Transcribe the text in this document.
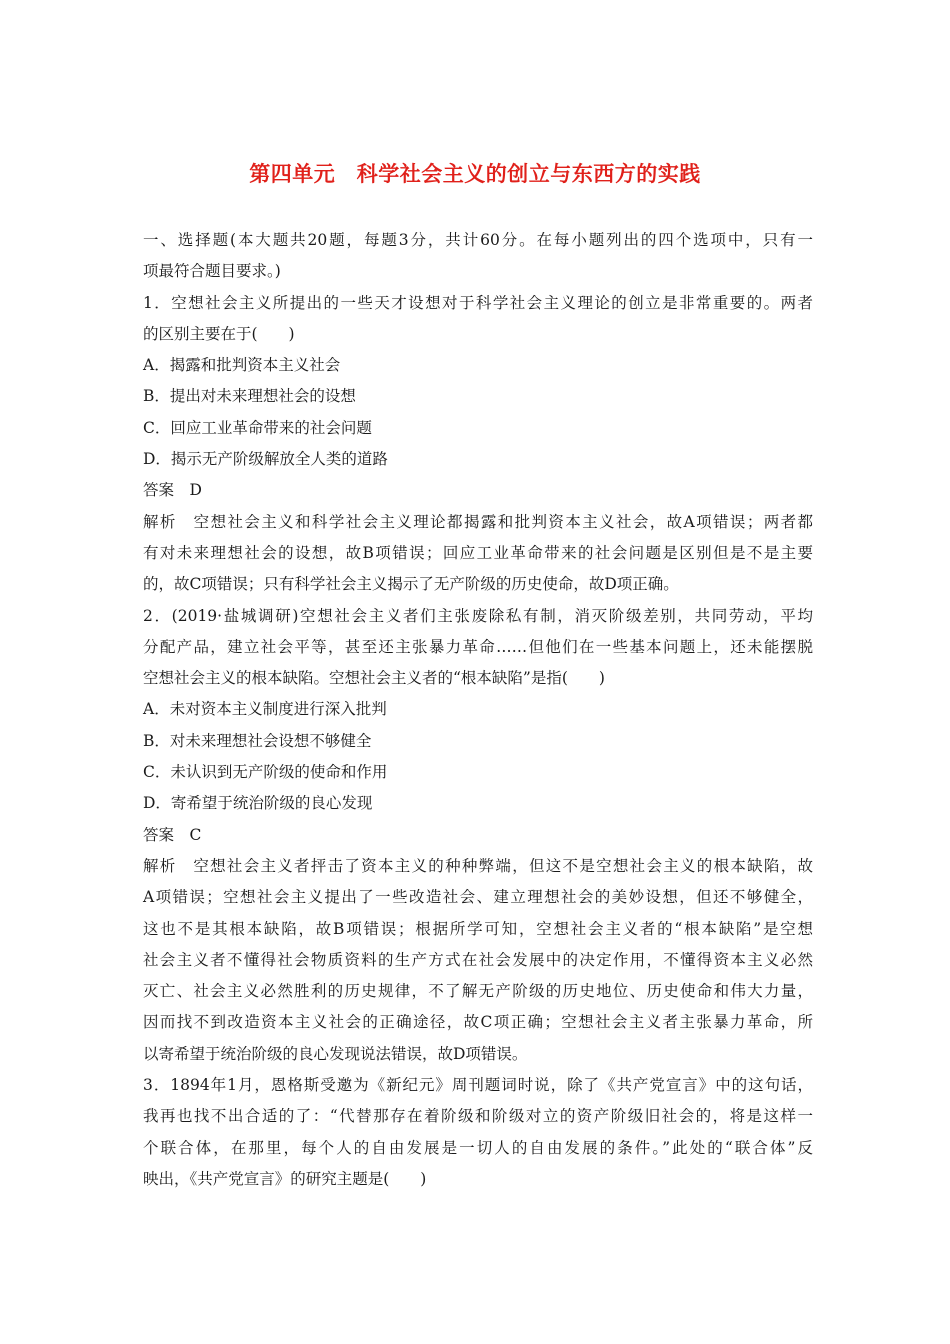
第四单元　科学社会主义的创立与东西方的实践
一、选择题(本大题共20题，每题3分，共计60分。在每小题列出的四个选项中，只有一
项最符合题目要求。)
1．空想社会主义所提出的一些天才设想对于科学社会主义理论的创立是非常重要的。两者
的区别主要在于(　　)
A．揭露和批判资本主义社会
B．提出对未来理想社会的设想
C．回应工业革命带来的社会问题
D．揭示无产阶级解放全人类的道路
答案　D
解析　空想社会主义和科学社会主义理论都揭露和批判资本主义社会，故A项错误；两者都
有对未来理想社会的设想，故B项错误；回应工业革命带来的社会问题是区别但是不是主要
的，故C项错误；只有科学社会主义揭示了无产阶级的历史使命，故D项正确。
2．(2019·盐城调研)空想社会主义者们主张废除私有制，消灭阶级差别，共同劳动，平均
分配产品，建立社会平等，甚至还主张暴力革命……但他们在一些基本问题上，还未能摆脱
空想社会主义的根本缺陷。空想社会主义者的“根本缺陷”是指(　　)
A．未对资本主义制度进行深入批判
B．对未来理想社会设想不够健全
C．未认识到无产阶级的使命和作用
D．寄希望于统治阶级的良心发现
答案　C
解析　空想社会主义者抨击了资本主义的种种弊端，但这不是空想社会主义的根本缺陷，故
A项错误；空想社会主义提出了一些改造社会、建立理想社会的美妙设想，但还不够健全，
这也不是其根本缺陷，故B项错误；根据所学可知，空想社会主义者的“根本缺陷”是空想
社会主义者不懂得社会物质资料的生产方式在社会发展中的决定作用，不懂得资本主义必然
灭亡、社会主义必然胜利的历史规律，不了解无产阶级的历史地位、历史使命和伟大力量，
因而找不到改造资本主义社会的正确途径，故C项正确；空想社会主义者主张暴力革命，所
以寄希望于统治阶级的良心发现说法错误，故D项错误。
3．1894年1月，恩格斯受邀为《新纪元》周刊题词时说，除了《共产党宣言》中的这句话，
我再也找不出合适的了：“代替那存在着阶级和阶级对立的资产阶级旧社会的，将是这样一
个联合体，在那里，每个人的自由发展是一切人的自由发展的条件。”此处的“联合体”反
映出，《共产党宣言》的研究主题是(　　)
